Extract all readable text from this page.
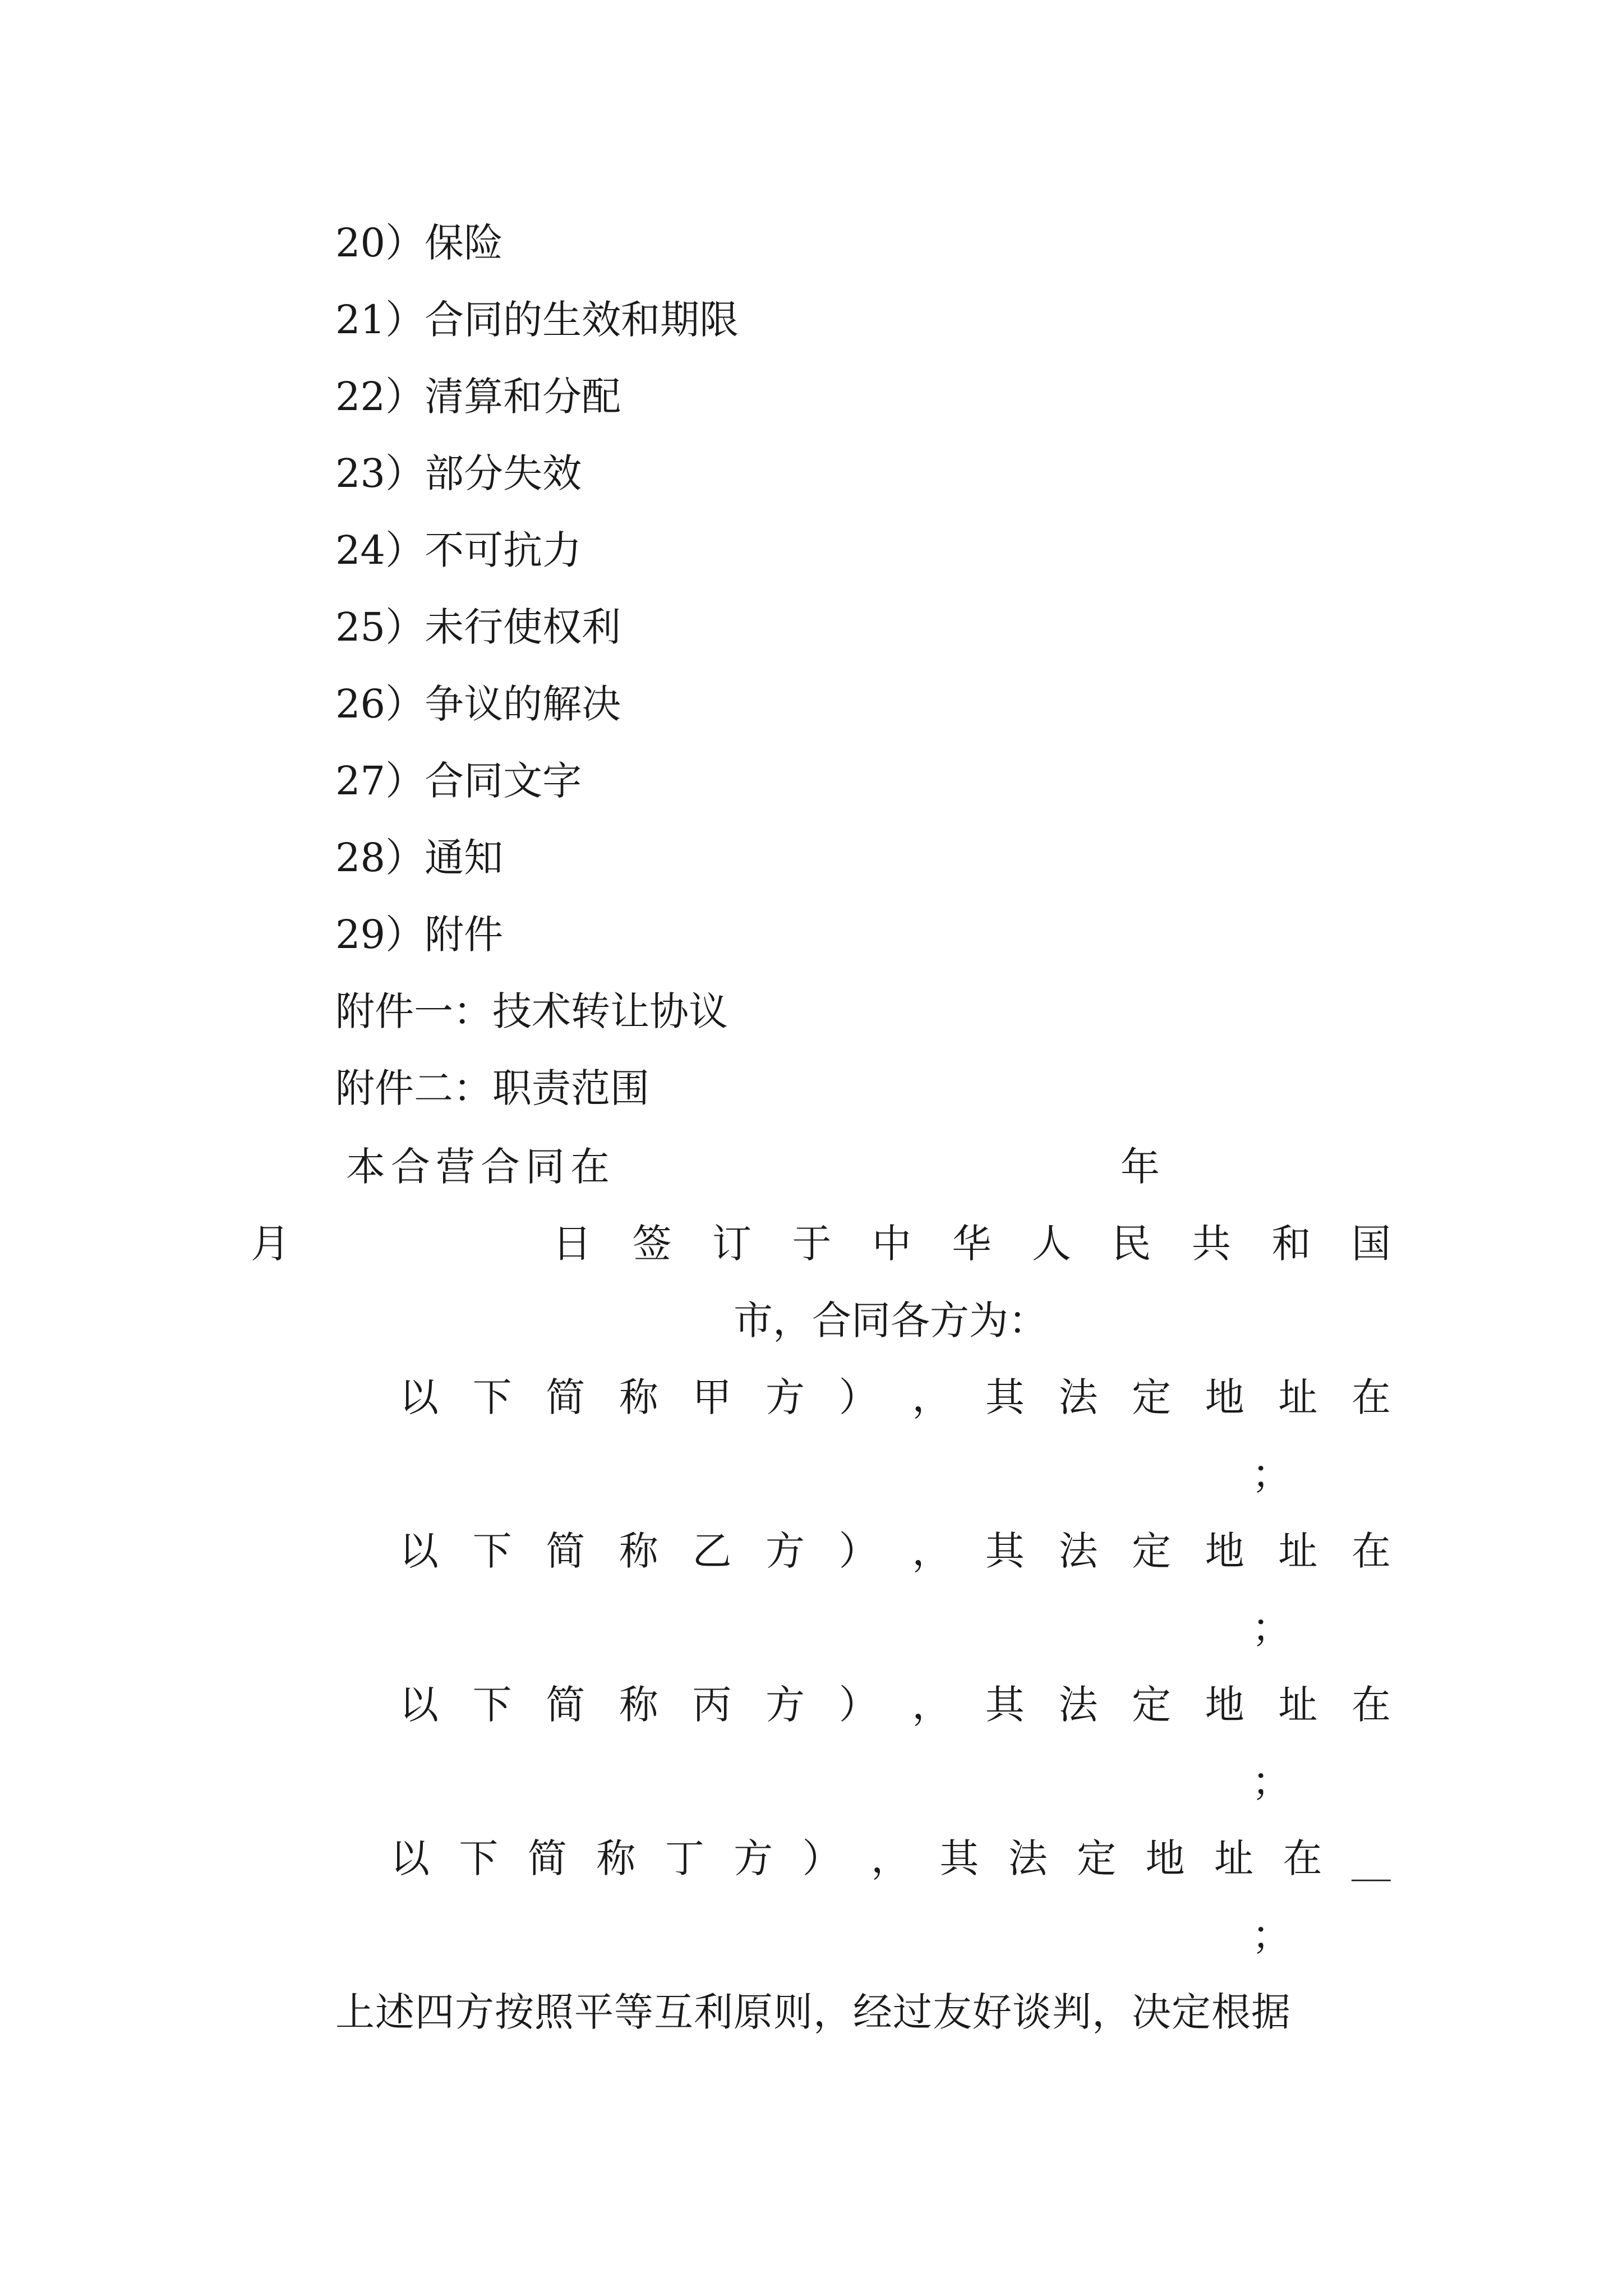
20）保险
21）合同的生效和期限
22）清算和分配
23）部分失效
24）不可抗力
25）未行使权利
26）争议的解决
27）合同文字
28）通知
29）附件
附件一：技术转让协议
附件二：职责范围
本合营合同在	年
月	日 签 订 于 中 华 人 民 共 和 国
市，合同各方为：
以 下 简 称 甲 方 ） ， 其 法 定 地 址 在
；
以 下 简 称 乙 方 ） ， 其 法 定 地 址 在
；
以 下 简 称 丙 方 ） ， 其 法 定 地 址 在
；
以 下 简 称 丁 方 ） ， 其 法 定 地 址 在 __
；
上述四方按照平等互利原则，经过友好谈判，决定根据
